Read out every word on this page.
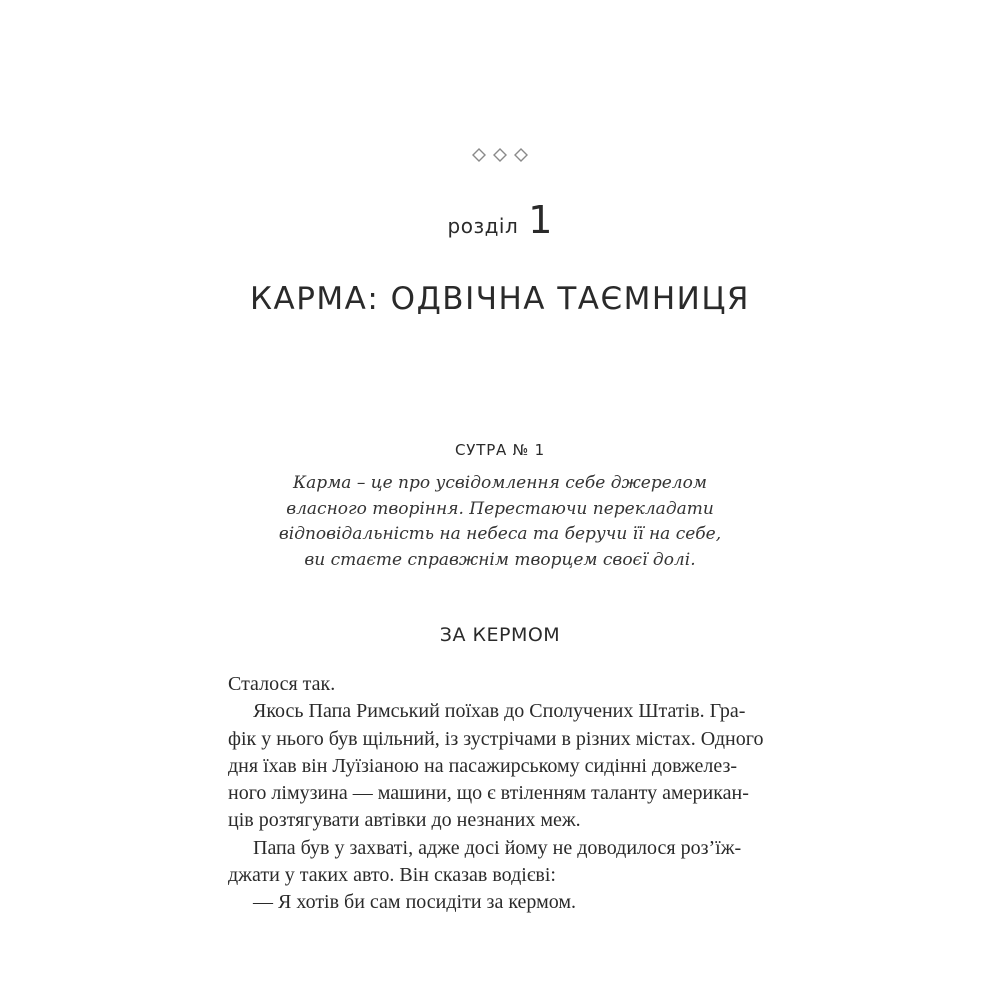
розділ 1
КАРМА: ОДВІЧНА ТАЄМНИЦЯ
СУТРА № 1
Карма – це про усвідомлення себе джерелом
власного творіння. Перестаючи перекладати
відповідальність на небеса та беручи її на себе,
ви стаєте справжнім творцем своєї долі.
ЗА КЕРМОМ
Сталося так.
Якось Папа Римський поїхав до Сполучених Штатів. Гра-
фік у нього був щільний, із зустрічами в різних містах. Одного
дня їхав він Луїзіаною на пасажирському сидінні довжелез-
ного лімузина — машини, що є втіленням таланту американ-
ців розтягувати автівки до незнаних меж.
Папа був у захваті, адже досі йому не доводилося роз’їж-
джати у таких авто. Він сказав водієві:
— Я хотів би сам посидіти за кермом.
